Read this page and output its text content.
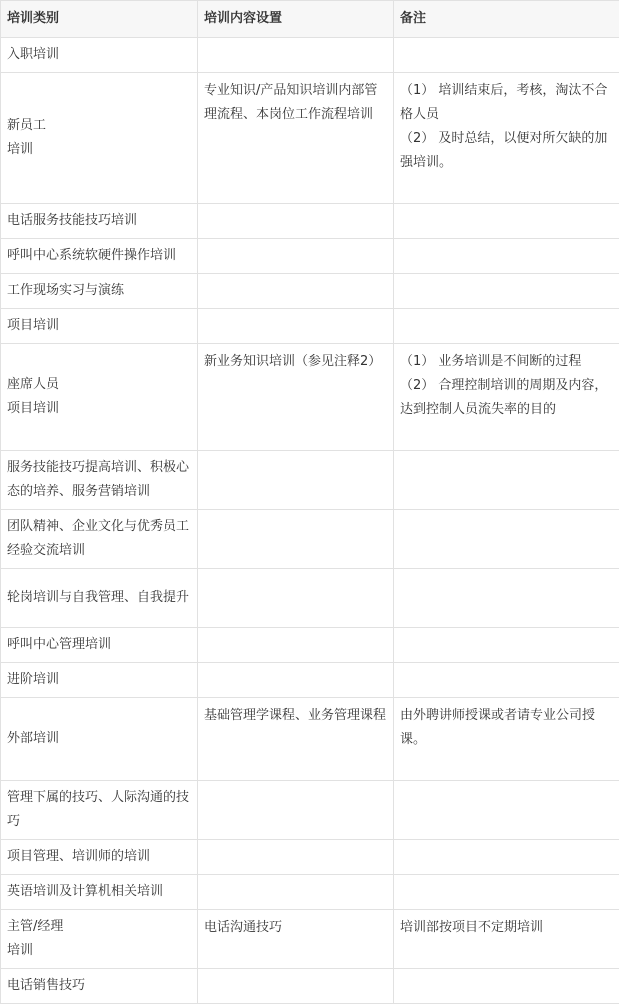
培训类别	培训内容设置	备注
入职培训		

新员工
培训	专业知识/产品知识培训内部管理流程、本岗位工作流程培训	（1） 培训结束后，考核，淘汰不合格人员
（2） 及时总结，以便对所欠缺的加强培训。

电话服务技能技巧培训		
呼叫中心系统软硬件操作培训		
工作现场实习与演练		
项目培训		

座席人员
项目培训	新业务知识培训（参见注释2）	（1） 业务培训是不间断的过程
（2） 合理控制培训的周期及内容，达到控制人员流失率的目的

服务技能技巧提高培训、积极心态的培养、服务营销培训		
团队精神、企业文化与优秀员工经验交流培训		
轮岗培训与自我管理、自我提升		
呼叫中心管理培训		
进阶培训		
外部培训	基础管理学课程、业务管理课程	由外聘讲师授课或者请专业公司授课。
管理下属的技巧、人际沟通的技巧		
项目管理、培训师的培训		
英语培训及计算机相关培训		

主管/经理
培训	电话沟通技巧	培训部按项目不定期培训
电话销售技巧		
